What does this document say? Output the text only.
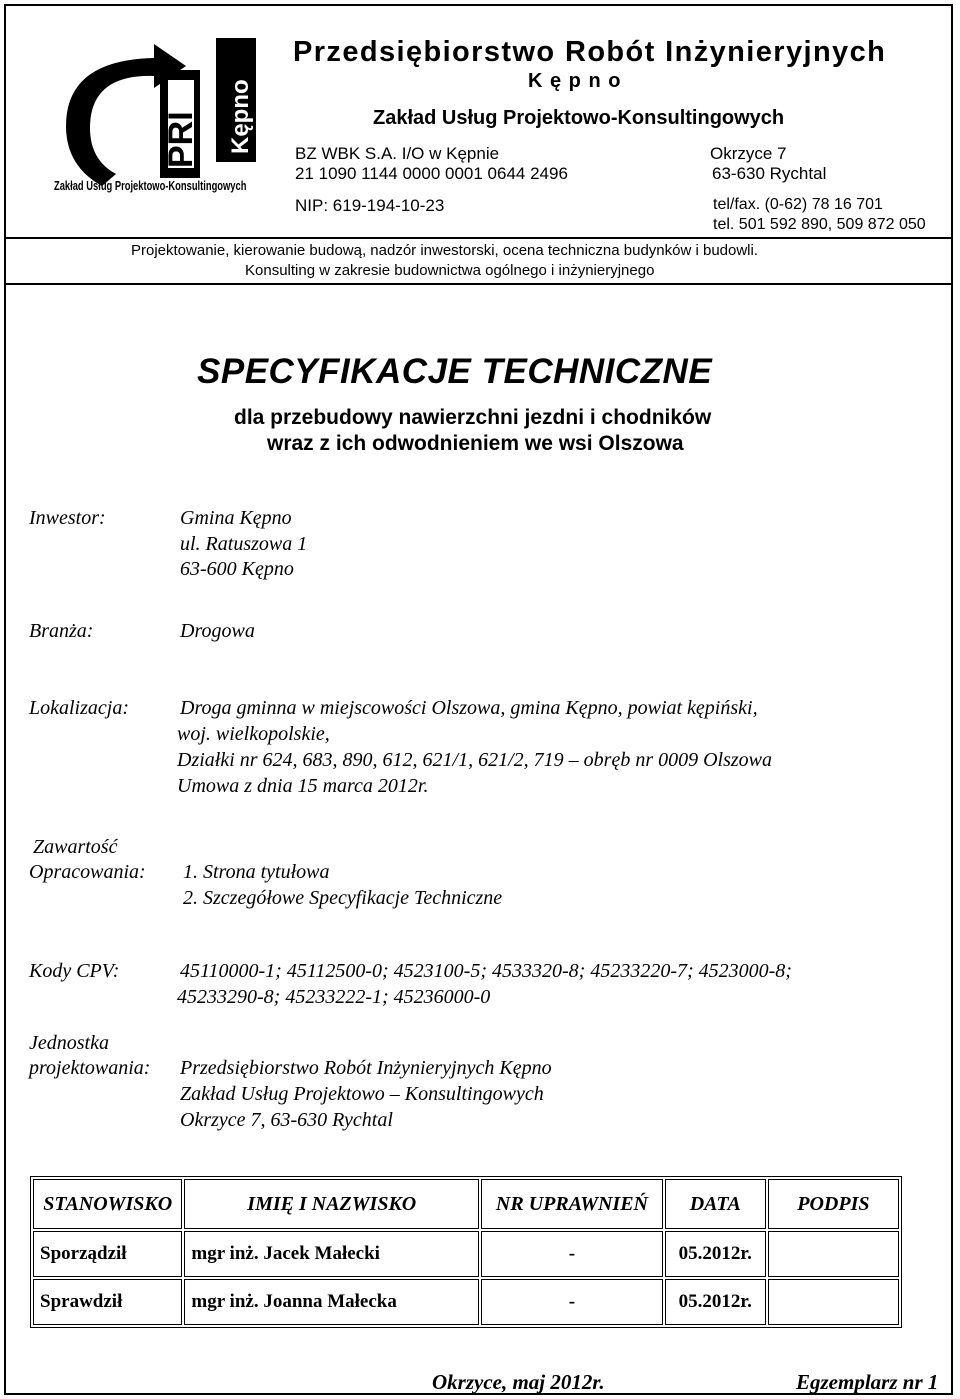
PRI Kępno
Zakład Usług Projektowo-Konsultingowych
Przedsiębiorstwo Robót Inżynieryjnych
K ę p n o
Zakład Usług Projektowo-Konsultingowych
BZ WBK S.A. I/O w Kępnie
21 1090 1144 0000 0001 0644 2496
NIP: 619-194-10-23
Okrzyce 7
63-630 Rychtal
tel/fax. (0-62) 78 16 701
tel. 501 592 890, 509 872 050
Projektowanie, kierowanie budową, nadzór inwestorski, ocena techniczna budynków i budowli.
Konsulting w zakresie budownictwa ogólnego i inżynieryjnego
SPECYFIKACJE TECHNICZNE
dla przebudowy nawierzchni jezdni i chodników
wraz z ich odwodnieniem we wsi Olszowa
Inwestor:	Gmina Kępno
ul. Ratuszowa 1
63-600 Kępno
Branża:	Drogowa
Lokalizacja:	Droga gminna w miejscowości Olszowa, gmina Kępno, powiat kępiński,
woj. wielkopolskie,
Działki nr 624, 683, 890, 612, 621/1, 621/2, 719 – obręb nr 0009 Olszowa
Umowa z dnia 15 marca 2012r.
Zawartość
Opracowania: 1. Strona tytułowa
2. Szczegółowe Specyfikacje Techniczne
Kody CPV:	45110000-1; 45112500-0; 4523100-5; 4533320-8; 45233220-7; 4523000-8;
45233290-8; 45233222-1; 45236000-0
Jednostka
projektowania: Przedsiębiorstwo Robót Inżynieryjnych Kępno
Zakład Usług Projektowo – Konsultingowych
Okrzyce 7, 63-630 Rychtal
STANOWISKO	IMIĘ I NAZWISKO	NR UPRAWNIEŃ	DATA	PODPIS
Sporządził	mgr inż. Jacek Małecki	-	05.2012r.	
Sprawdził	mgr inż. Joanna Małecka	-	05.2012r.	
Okrzyce, maj 2012r.	Egzemplarz nr 1
